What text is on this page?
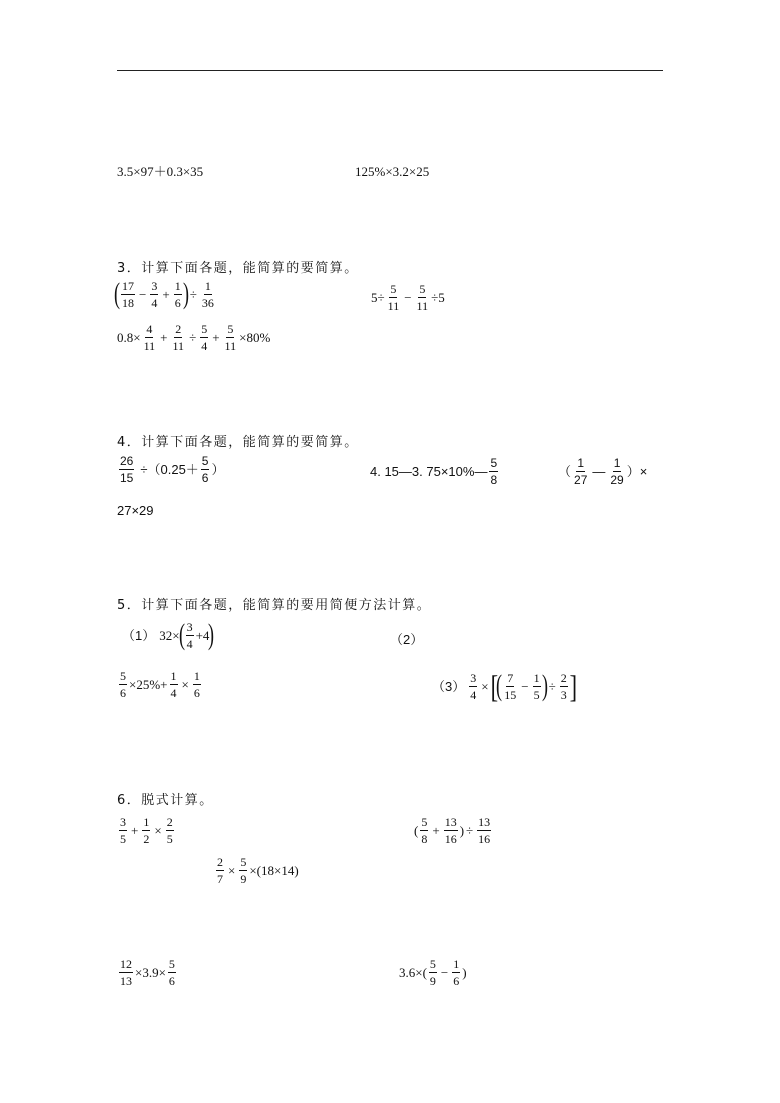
3.5×97＋0.3×35	125%×3.2×25
3．计算下面各题，能简算的要简算。
( $\frac{17}{18} - \frac{3}{4} + \frac{1}{6}$ ) ÷ $\frac{1}{36}$	$5\div \frac{5}{11} - \frac{5}{11} \div 5$
$0.8\times \frac{4}{11} + \frac{2}{11} \div \frac{5}{4} + \frac{5}{11} \times 80\%$
4．计算下面各题，能简算的要简算。
$\frac{26}{15} \div(0.25+ \frac{5}{6}$ ）	4. 15—3. 75×10%— $\frac{5}{8}$	（ $\frac{1}{27}$ — $\frac{1}{29}$ ）×
27×29
5．计算下面各题，能简算的要用简便方法计算。
（1） 32× ( $\frac{3}{4} +4$ )	（2）
$\frac{5}{6} \times 25\%+ \frac{1}{4} \times \frac{1}{6}$	$(3) \frac{3}{4}$ × [
( $\frac{7}{15} - \frac{1}{5}$ ) ÷ $\frac{2}{3}$ ]
6．脱式计算。
$\frac{3}{5} + \frac{1}{2} \times \frac{2}{5}$	( $\frac{5}{8} + \frac{13}{16}$ ) ÷ $\frac{13}{16}$
$\frac{2}{7} \times \frac{5}{9} \times(18\times 14)$
$\frac{12}{13} \times 3.9\times \frac{5}{6}$	$3.6\times( \frac{5}{9} - \frac{1}{6}$ )
